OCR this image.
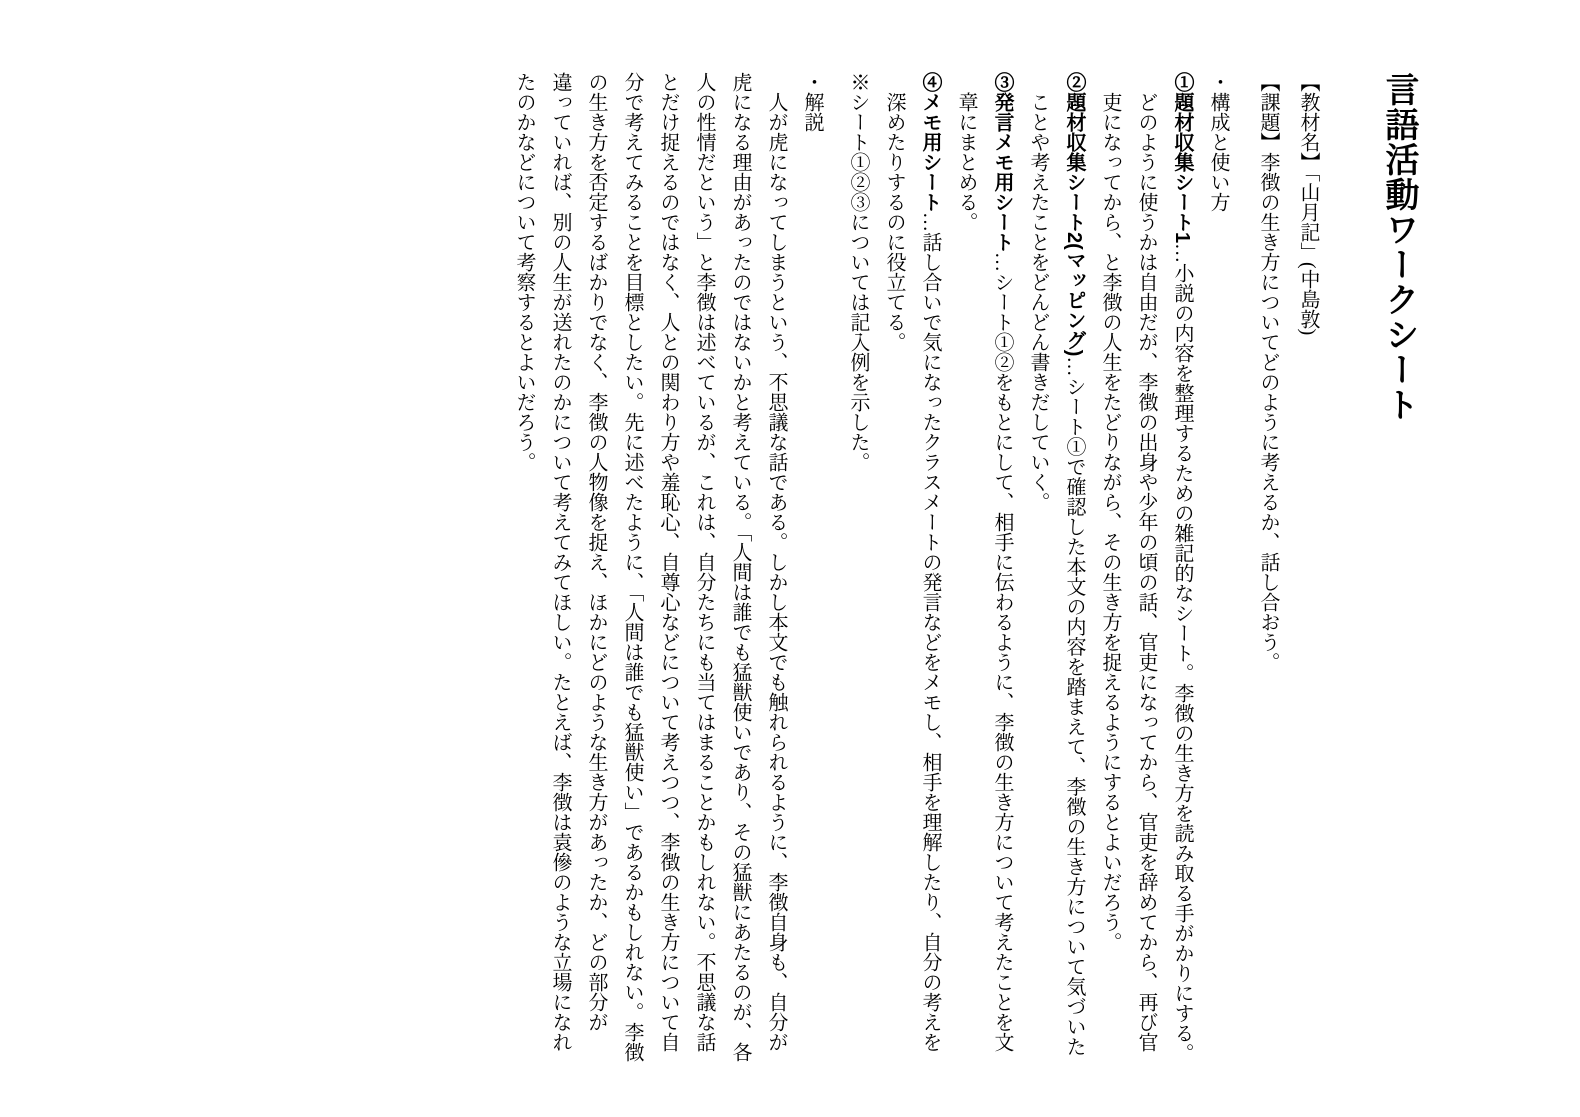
言語活動ワークシート

【教材名】「山月記」(中島敦)

【課題】李徴の生き方についてどのように考えるか、話し合おう。

・構成と使い方

①題材収集シート1…小説の内容を整理するための雑記的なシート。李徴の生き方を読み取る手がかりにする。どのように使うかは自由だが、李徴の出身や少年の頃の話、官吏になってから、官吏を辞めてから、再び官吏になってから、と李徴の人生をたどりながら、その生き方を捉えるようにするとよいだろう。

②題材収集シート2(マッピング)…シート①で確認した本文の内容を踏まえて、李徴の生き方について気づいたことや考えたことをどんどん書きだしていく。

③発言メモ用シート…シート①②をもとにして、相手に伝わるように、李徴の生き方について考えたことを文章にまとめる。

④メモ用シート…話し合いで気になったクラスメートの発言などをメモし、相手を理解したり、自分の考えを深めたりするのに役立てる。

※シート①②③については記入例を示した。

・解説

人が虎になってしまうという、不思議な話である。しかし本文でも触れられるように、李徴自身も、自分が虎になる理由があったのではないかと考えている。「人間は誰でも猛獣使いであり、その猛獣にあたるのが、各人の性情だという」と李徴は述べているが、これは、自分たちにも当てはまることかもしれない。不思議な話とだけ捉えるのではなく、人との関わり方や羞恥心、自尊心などについて考えつつ、李徴の生き方について自分で考えてみることを目標としたい。先に述べたように、「人間は誰でも猛獣使い」であるかもしれない。李徴の生き方を否定するばかりでなく、李徴の人物像を捉え、ほかにどのような生き方があったか、どの部分が違っていれば、別の人生が送れたのかについて考えてみてほしい。たとえば、李徴は袁傪のような立場になれたのかなどについて考察するとよいだろう。
